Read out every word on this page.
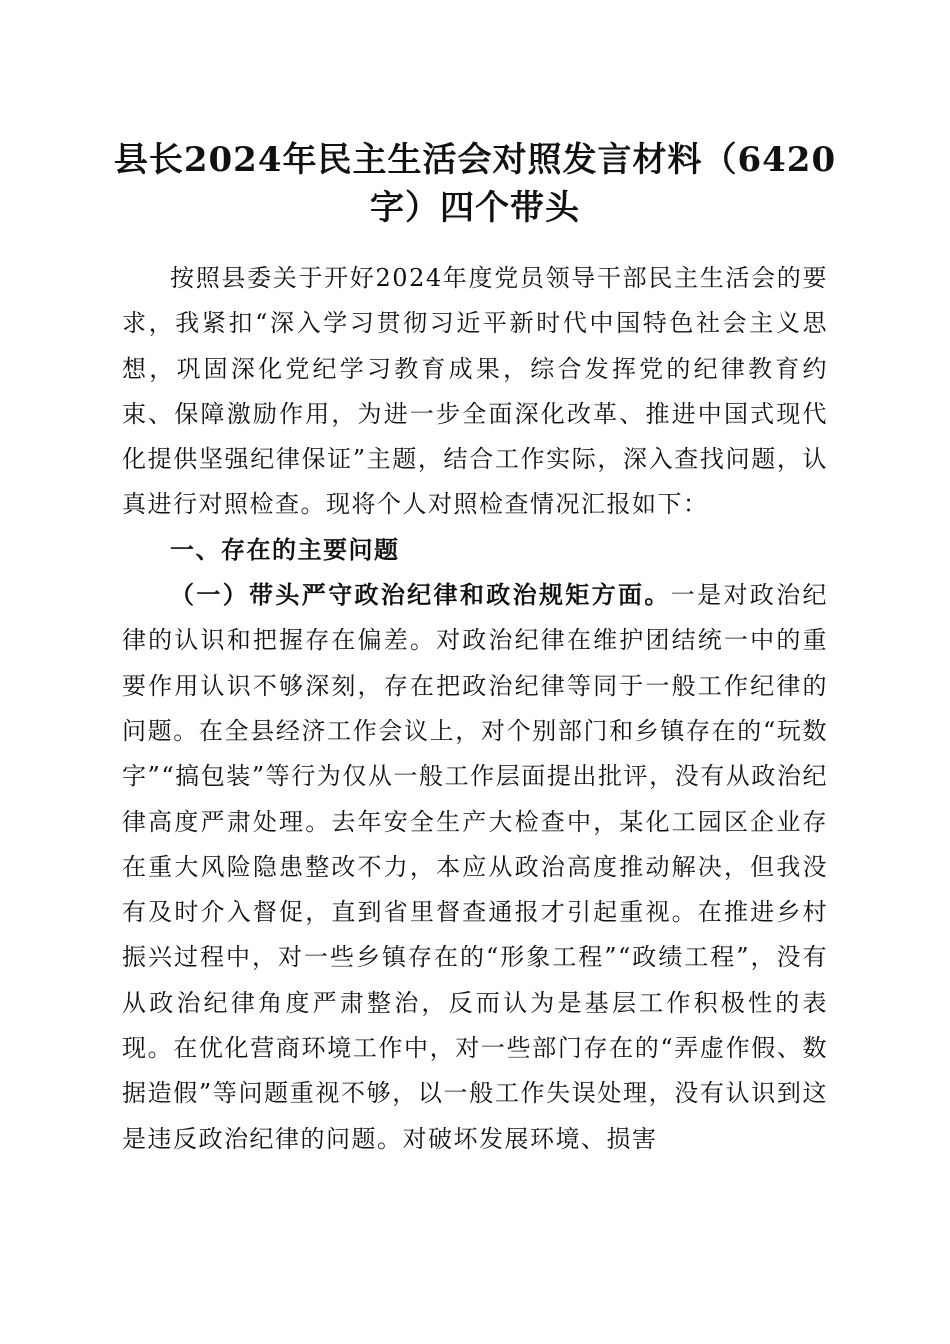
县长2024年民主生活会对照发言材料（6420字）四个带头

按照县委关于开好2024年度党员领导干部民主生活会的要求，我紧扣“深入学习贯彻习近平新时代中国特色社会主义思想，巩固深化党纪学习教育成果，综合发挥党的纪律教育约束、保障激励作用，为进一步全面深化改革、推进中国式现代化提供坚强纪律保证”主题，结合工作实际，深入查找问题，认真进行对照检查。现将个人对照检查情况汇报如下：

一、存在的主要问题

（一）带头严守政治纪律和政治规矩方面。一是对政治纪律的认识和把握存在偏差。对政治纪律在维护团结统一中的重要作用认识不够深刻，存在把政治纪律等同于一般工作纪律的问题。在全县经济工作会议上，对个别部门和乡镇存在的“玩数字”“搞包装”等行为仅从一般工作层面提出批评，没有从政治纪律高度严肃处理。去年安全生产大检查中，某化工园区企业存在重大风险隐患整改不力，本应从政治高度推动解决，但我没有及时介入督促，直到省里督查通报才引起重视。在推进乡村振兴过程中，对一些乡镇存在的“形象工程”“政绩工程”，没有从政治纪律角度严肃整治，反而认为是基层工作积极性的表现。在优化营商环境工作中，对一些部门存在的“弄虚作假、数据造假”等问题重视不够，以一般工作失误处理，没有认识到这是违反政治纪律的问题。对破坏发展环境、损害
